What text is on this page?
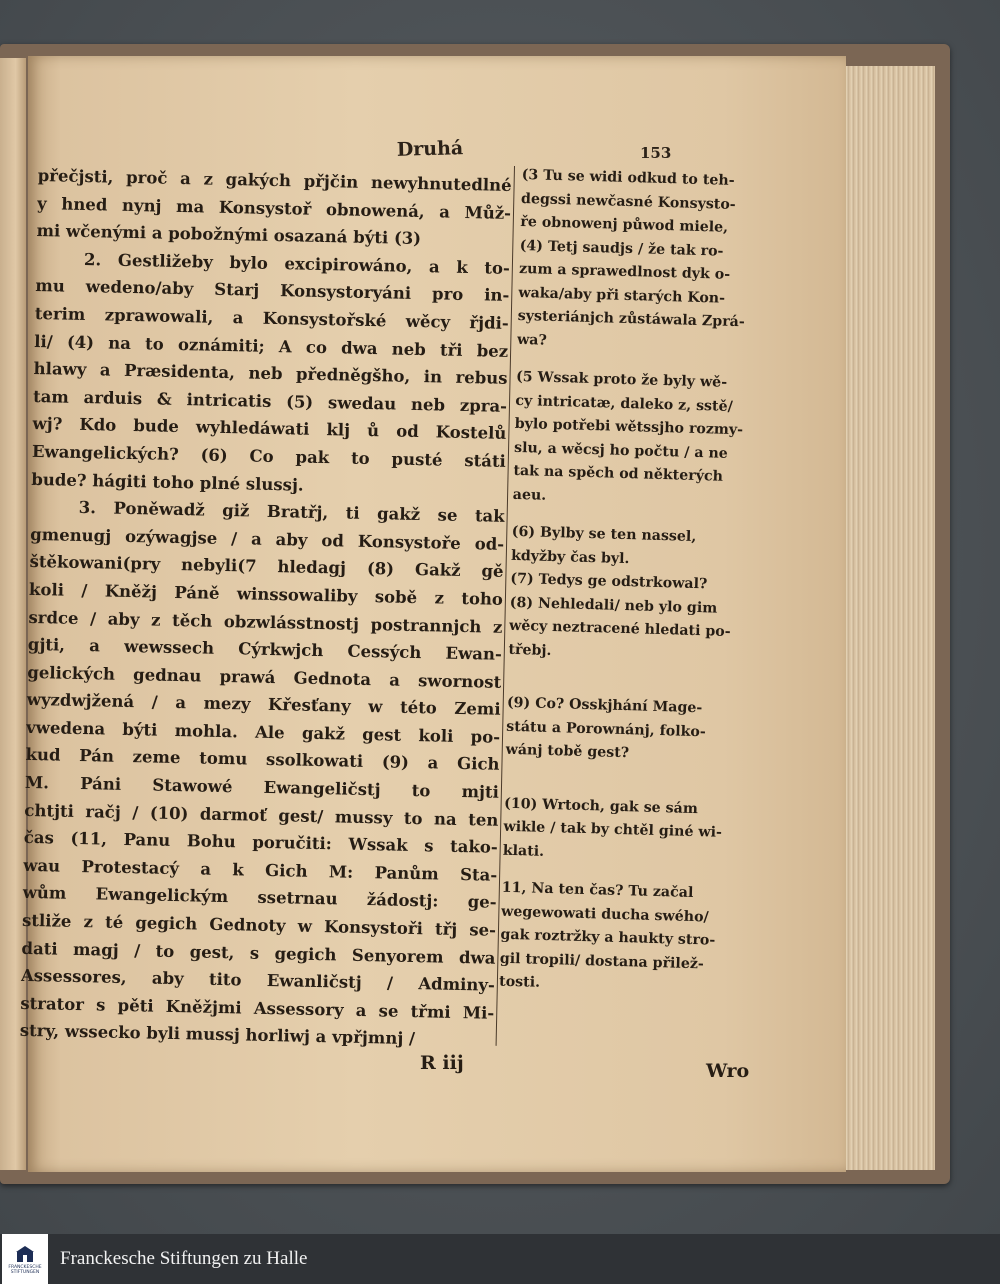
Druhá	153
přečjsti, proč a z gakých přjčin newyhnutedlné
y hned nynj ma Konsystoř obnowená, a Můž-
mi wčenými a pobožnými osazaná býti (3)
2. Gestližeby bylo excipirowáno, a k to-
mu wedeno/aby Starj Konsystoryáni pro in-
terim zprawowali, a Konsystořské wěcy řjdi-
li/ (4) na to oznámiti; A co dwa neb tři bez
hlawy a Præsidenta, neb předněgšho, in rebus
tam arduis & intricatis (5) swedau neb zpra-
wj? Kdo bude wyhledáwati klj ů od Kostelů
Ewangelických? (6) Co pak to pusté státi
bude? hágiti toho plné slussj.
3. Poněwadž giž Bratřj, ti gakž se tak
gmenugj ozýwagjse / a aby od Konsystoře od-
štěkowani(pry nebyli(7 hledagj (8) Gakž gě
koli / Kněžj Páně winssowaliby sobě z toho
srdce / aby z těch obzwlásstnostj postrannjch z
gjti, a wewssech Cýrkwjch Cessých Ewan-
gelických gednau prawá Gednota a swornost
wyzdwjžená / a mezy Křesťany w této Zemi
vwedena býti mohla. Ale gakž gest koli po-
kud Pán zeme tomu ssolkowati (9) a Gich
M. Páni Stawowé Ewangeličstj to mjti
chtjti račj / (10) darmoť gest/ mussy to na ten
čas (11, Panu Bohu poručiti: Wssak s tako-
wau Protestacý a k Gich M: Panům Sta-
wům Ewangelickým ssetrnau žádostj: ge-
stliže z té gegich Gednoty w Konsystoři třj se-
dati magj / to gest, s gegich Senyorem dwa
Assessores, aby tito Ewanličstj / Adminy-
strator s pěti Kněžjmi Assessory a se třmi Mi-
stry, wssecko byli mussj horliwj a vpřjmnj /
(3 Tu se widi odkud to teh-
degssi newčasné Konsysto-
ře obnowenj půwod miele,
(4) Tetj saudjs / že tak ro-
zum a sprawedlnost dyk o-
waka/aby při starých Kon-
systeriánjch zůstáwala Zprá-
wa?
(5 Wssak proto že byly wě-
cy intricatæ, daleko z, sstě/
bylo potřebi wětssjho rozmy-
slu, a wěcsj ho počtu / a ne
tak na spěch od některých
aeu.
(6) Bylby se ten nassel,
kdyžby čas byl.
(7) Tedys ge odstrkowal?
(8) Nehledali/ neb ylo gim
wěcy neztracené hledati po-
třebj.
(9) Co? Osskjhání Mage-
státu a Porownánj, folko-
wánj tobě gest?
(10) Wrtoch, gak se sám
wikle / tak by chtěl giné wi-
klati.
11, Na ten čas? Tu začal
wegewowati ducha swého/
gak roztržky a haukty stro-
gil tropili/ dostana přilež-
tosti.
R iij	Wro
FRANCKESCHE STIFTUNGEN
Franckesche Stiftungen zu Halle
